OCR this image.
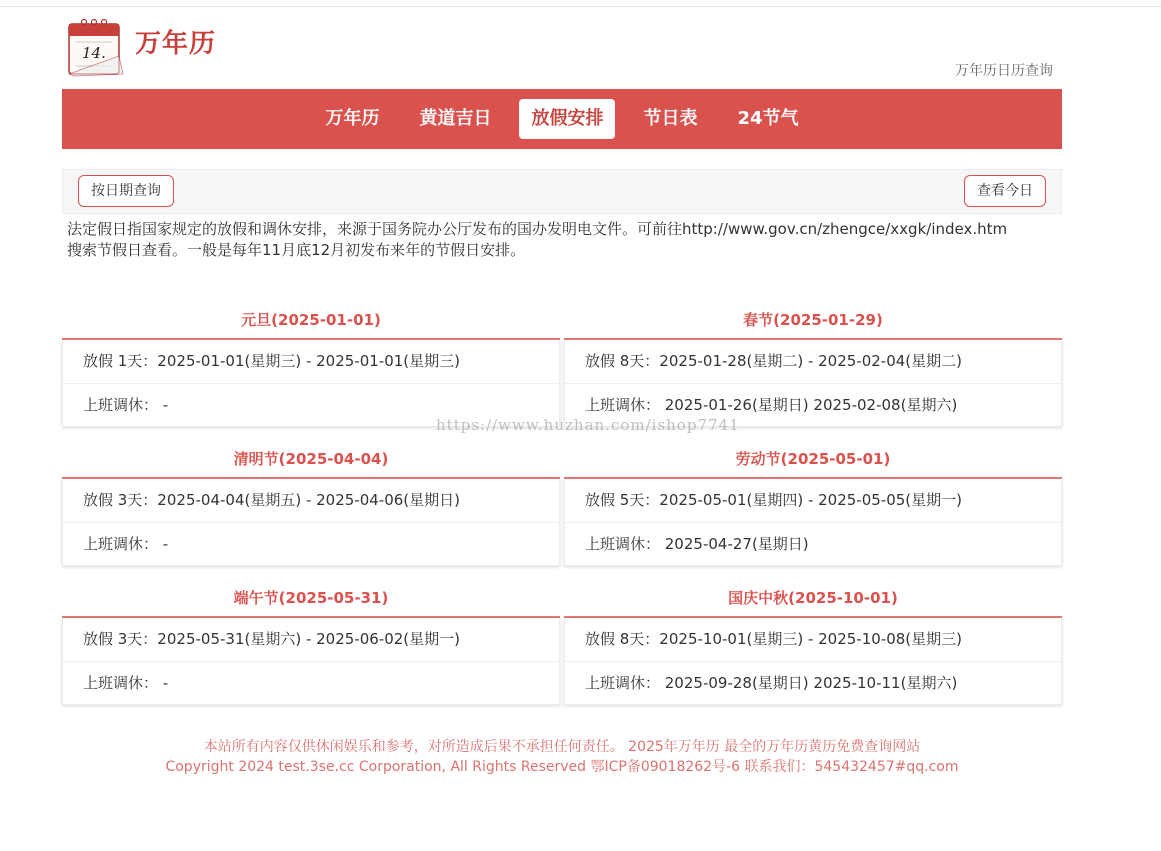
14. 万年历
万年历日历查询
万年历	黄道吉日	放假安排	节日表	24节气
按日期查询	查看今日
法定假日指国家规定的放假和调休安排，来源于国务院办公厅发布的国办发明电文件。可前往http://www.gov.cn/zhengce/xxgk/index.htm
搜索节假日查看。一般是每年11月底12月初发布来年的节假日安排。
元旦(2025-01-01)
放假 1天：2025-01-01(星期三) - 2025-01-01(星期三)
上班调休： -
春节(2025-01-29)
放假 8天：2025-01-28(星期二) - 2025-02-04(星期二)
上班调休： 2025-01-26(星期日) 2025-02-08(星期六)
清明节(2025-04-04)
放假 3天：2025-04-04(星期五) - 2025-04-06(星期日)
上班调休： -
劳动节(2025-05-01)
放假 5天：2025-05-01(星期四) - 2025-05-05(星期一)
上班调休： 2025-04-27(星期日)
端午节(2025-05-31)
放假 3天：2025-05-31(星期六) - 2025-06-02(星期一)
上班调休： -
国庆中秋(2025-10-01)
放假 8天：2025-10-01(星期三) - 2025-10-08(星期三)
上班调休： 2025-09-28(星期日) 2025-10-11(星期六)
https://www.huzhan.com/ishop7741
本站所有内容仅供休闲娱乐和参考，对所造成后果不承担任何责任。 2025年万年历 最全的万年历黄历免费查询网站
Copyright 2024 test.3se.cc Corporation, All Rights Reserved 鄂ICP备09018262号-6 联系我们：545432457#qq.com
